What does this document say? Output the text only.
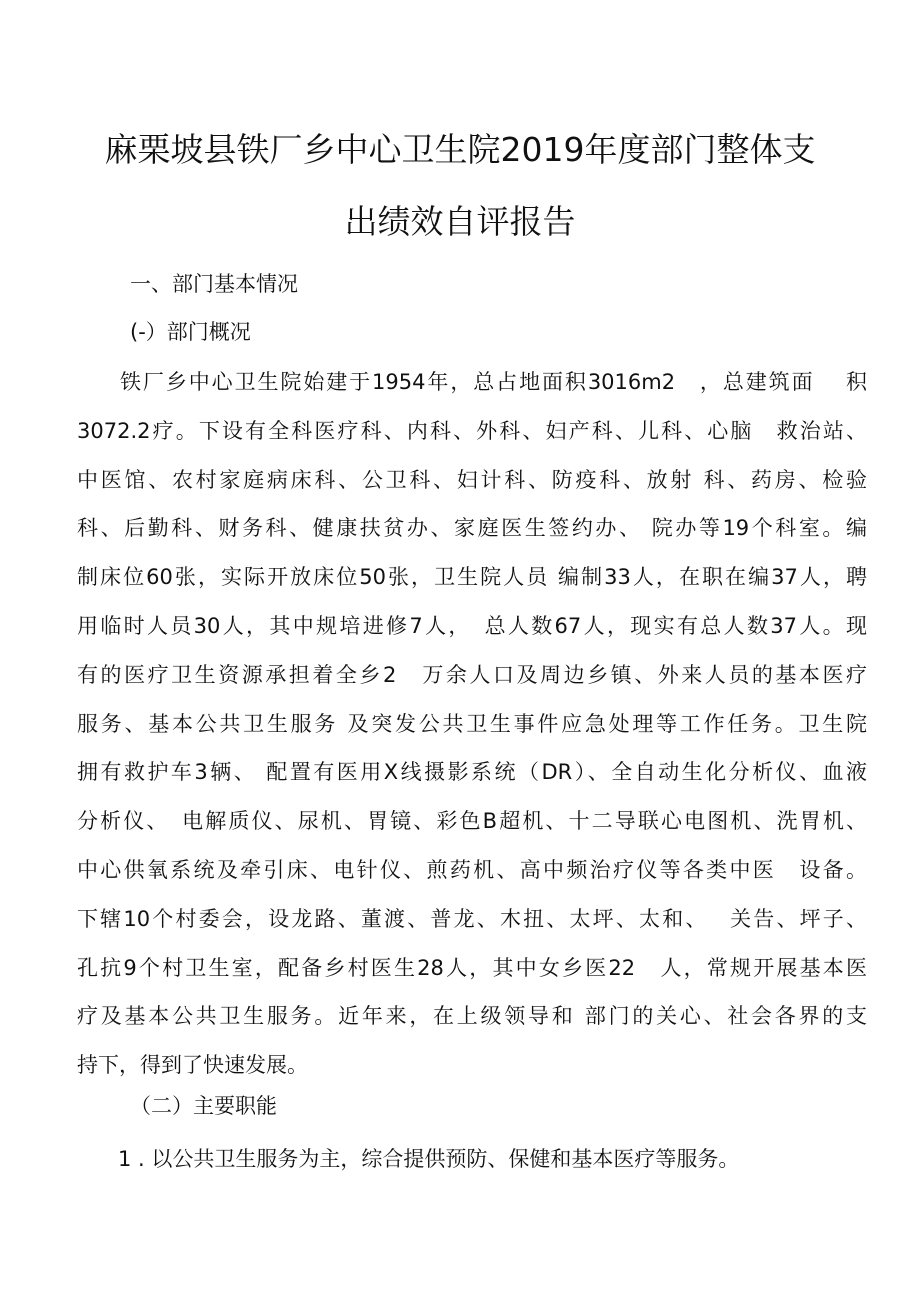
麻栗坡县铁厂乡中心卫生院2019年度部门整体支
出绩效自评报告

一、部门基本情况

(-）部门概况

铁厂乡中心卫生院始建于1954年，总占地面积3016m2　，总建筑面　 积
3072.2疗。下设有全科医疗科、内科、外科、妇产科、儿科、心脑　救治站、
中医馆、农村家庭病床科、公卫科、妇计科、防疫科、放射 科、药房、检验
科、后勤科、财务科、健康扶贫办、家庭医生签约办、 院办等19个科室。编
制床位60张，实际开放床位50张，卫生院人员 编制33人，在职在编37人，聘
用临时人员30人，其中规培进修7人，　总人数67人，现实有总人数37人。现
有的医疗卫生资源承担着全乡2　万余人口及周边乡镇、外来人员的基本医疗
服务、基本公共卫生服务 及突发公共卫生事件应急处理等工作任务。卫生院
拥有救护车3辆、 配置有医用X线摄影系统（DR）、全自动生化分析仪、血液
分析仪、　电解质仪、尿机、胃镜、彩色B超机、十二导联心电图机、洗胃机、
中心供氧系统及牵引床、电针仪、煎药机、高中频治疗仪等各类中医　设备。
下辖10个村委会，设龙路、董渡、普龙、木扭、太坪、太和、　 关告、坪子、
孔抗9个村卫生室，配备乡村医生28人，其中女乡医22　人，常规开展基本医
疗及基本公共卫生服务。近年来，在上级领导和 部门的关心、社会各界的支
持下，得到了快速发展。

（二）主要职能

1 . 以公共卫生服务为主，综合提供预防、保健和基本医疗等服务。
